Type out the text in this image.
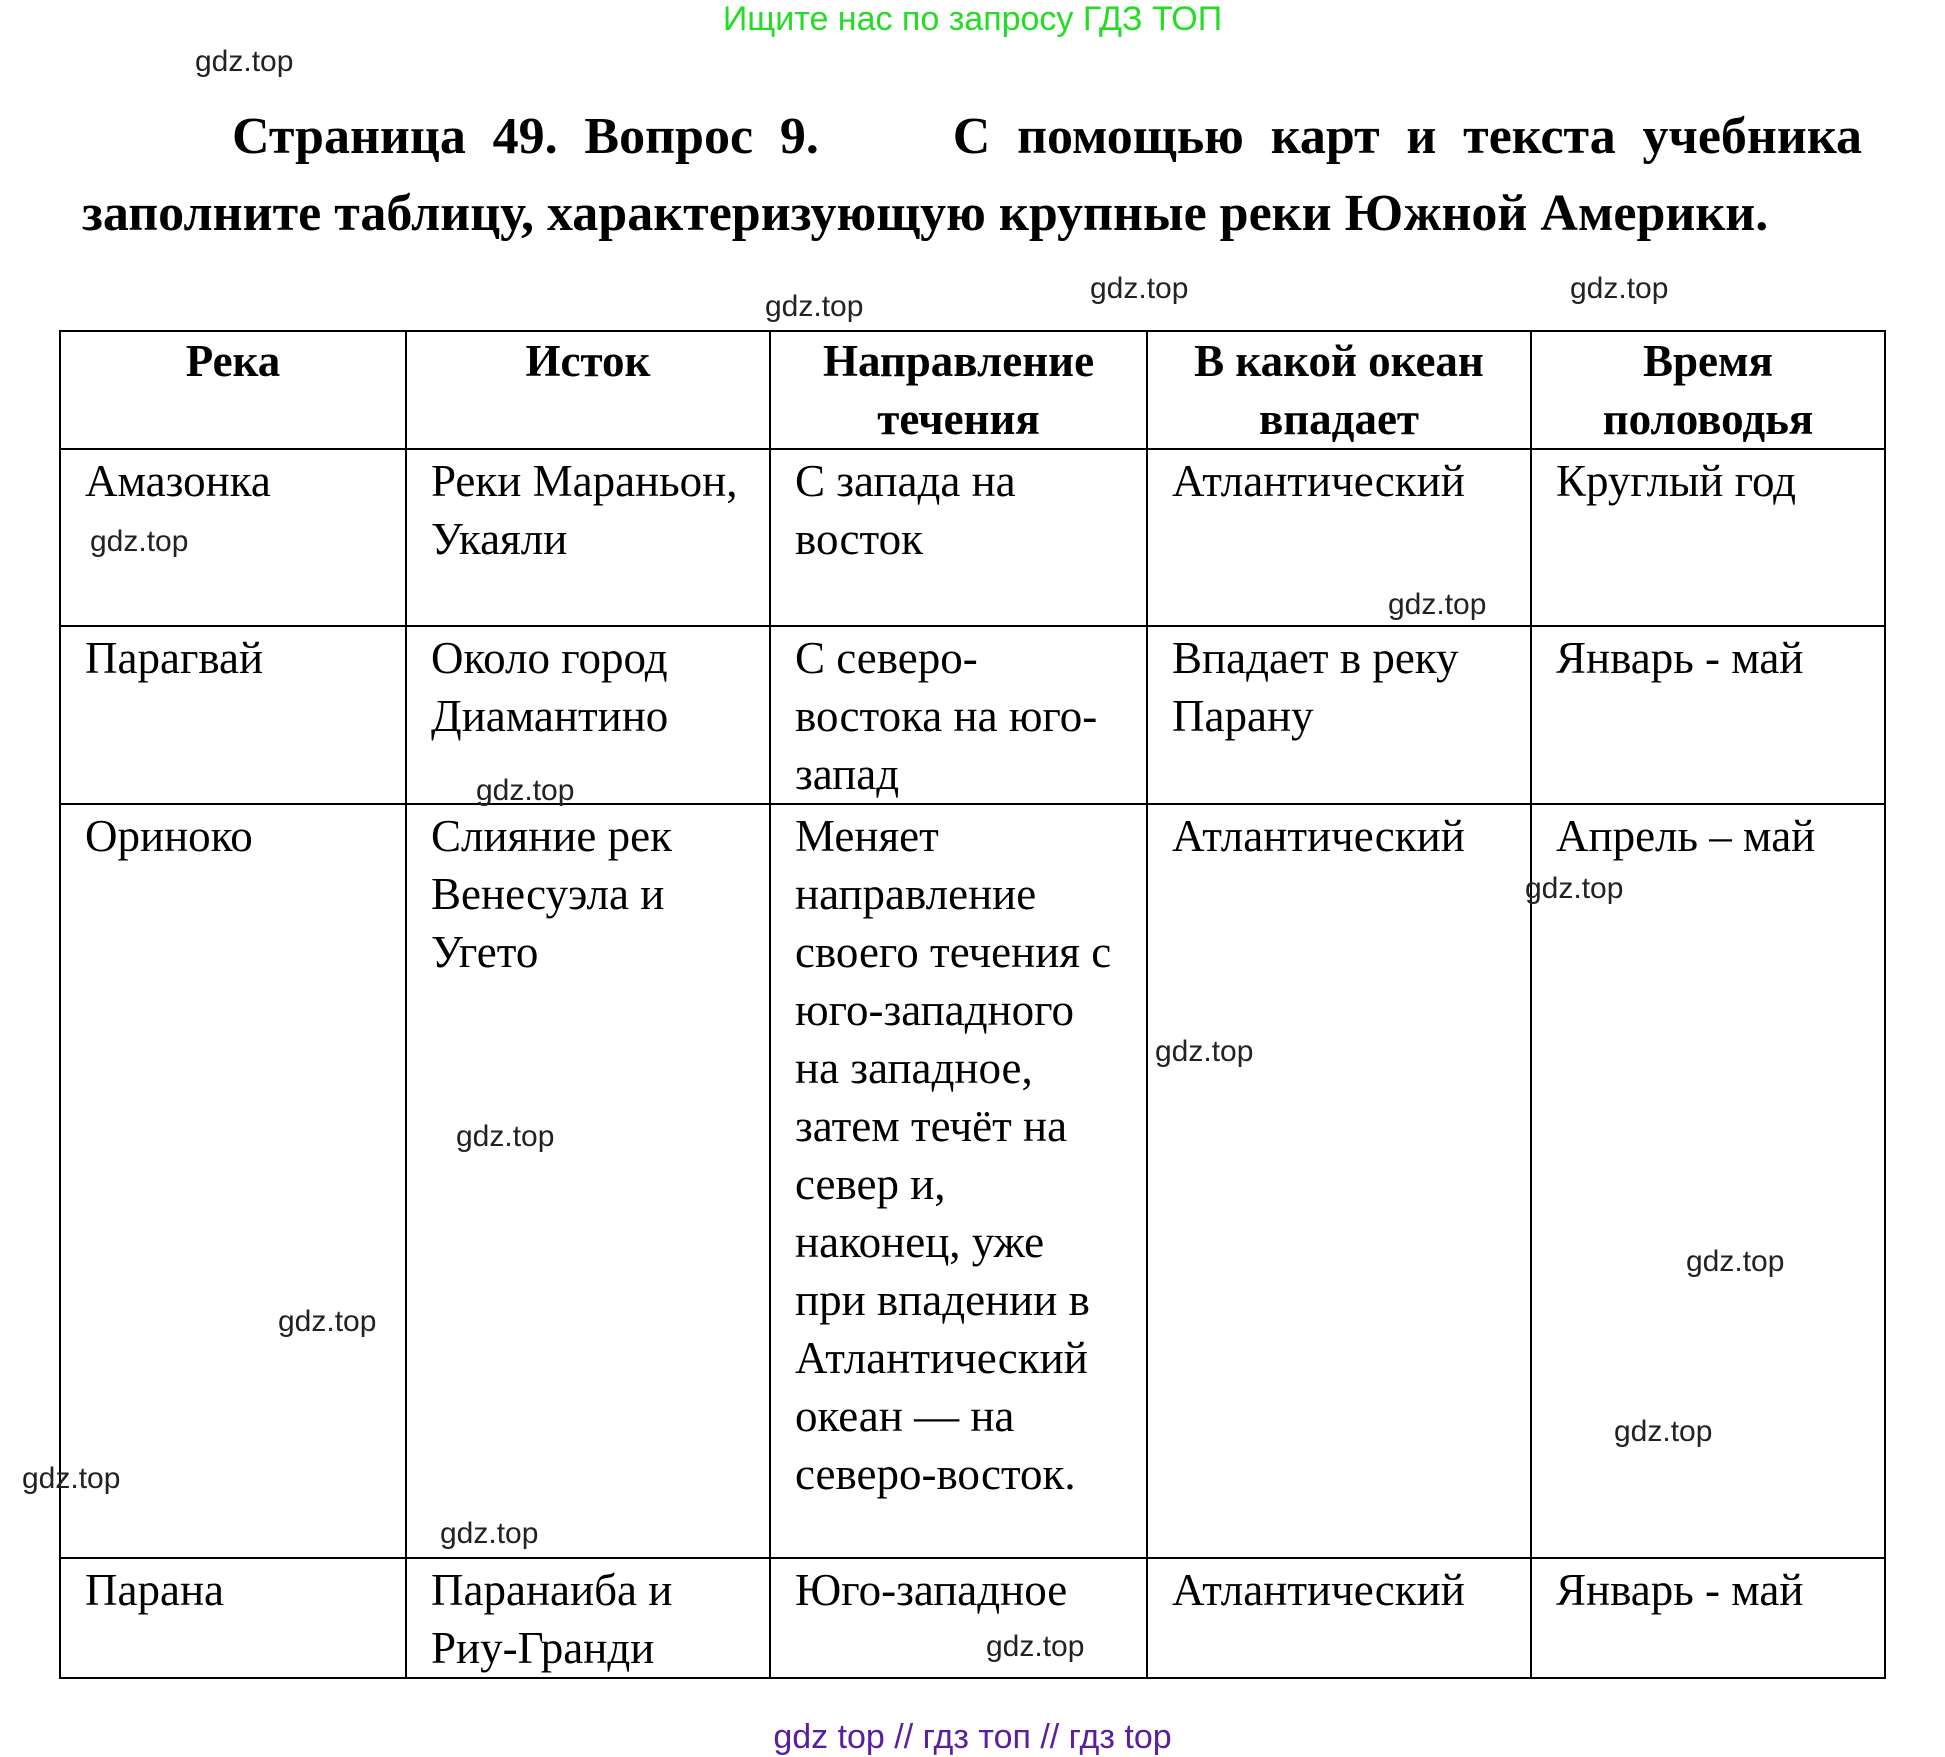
Ищите нас по запросу ГДЗ ТОП
Страница 49. Вопрос 9.	С помощью карт и текста учебника заполните таблицу, характеризующую крупные реки Южной Америки.
Река	Исток	Направление течения	В какой океан впадает	Время половодья
Амазонка	Реки Мараньон, Укаяли	С запада на восток	Атлантический	Круглый год
Парагвай	Около город Диамантино	С северо-востока на юго-запад	Впадает в реку Парану	Январь - май
Ориноко	Слияние рек Венесуэла и Угето	Меняет направление своего течения с юго-западного на западное, затем течёт на север и, наконец, уже при впадении в Атлантический океан — на северо-восток.	Атлантический	Апрель – май
Парана	Паранаиба и Риу-Гранди	Юго-западное	Атлантический	Январь - май
gdz.top
gdz.top	gdz.top
gdz.top
gdz.top
gdz.top
gdz.top
gdz.top
gdz.top
gdz.top
gdz.top
gdz.top
gdz.top
gdz.top
gdz.top
gdz.top
gdz top // гдз топ // гдз top
